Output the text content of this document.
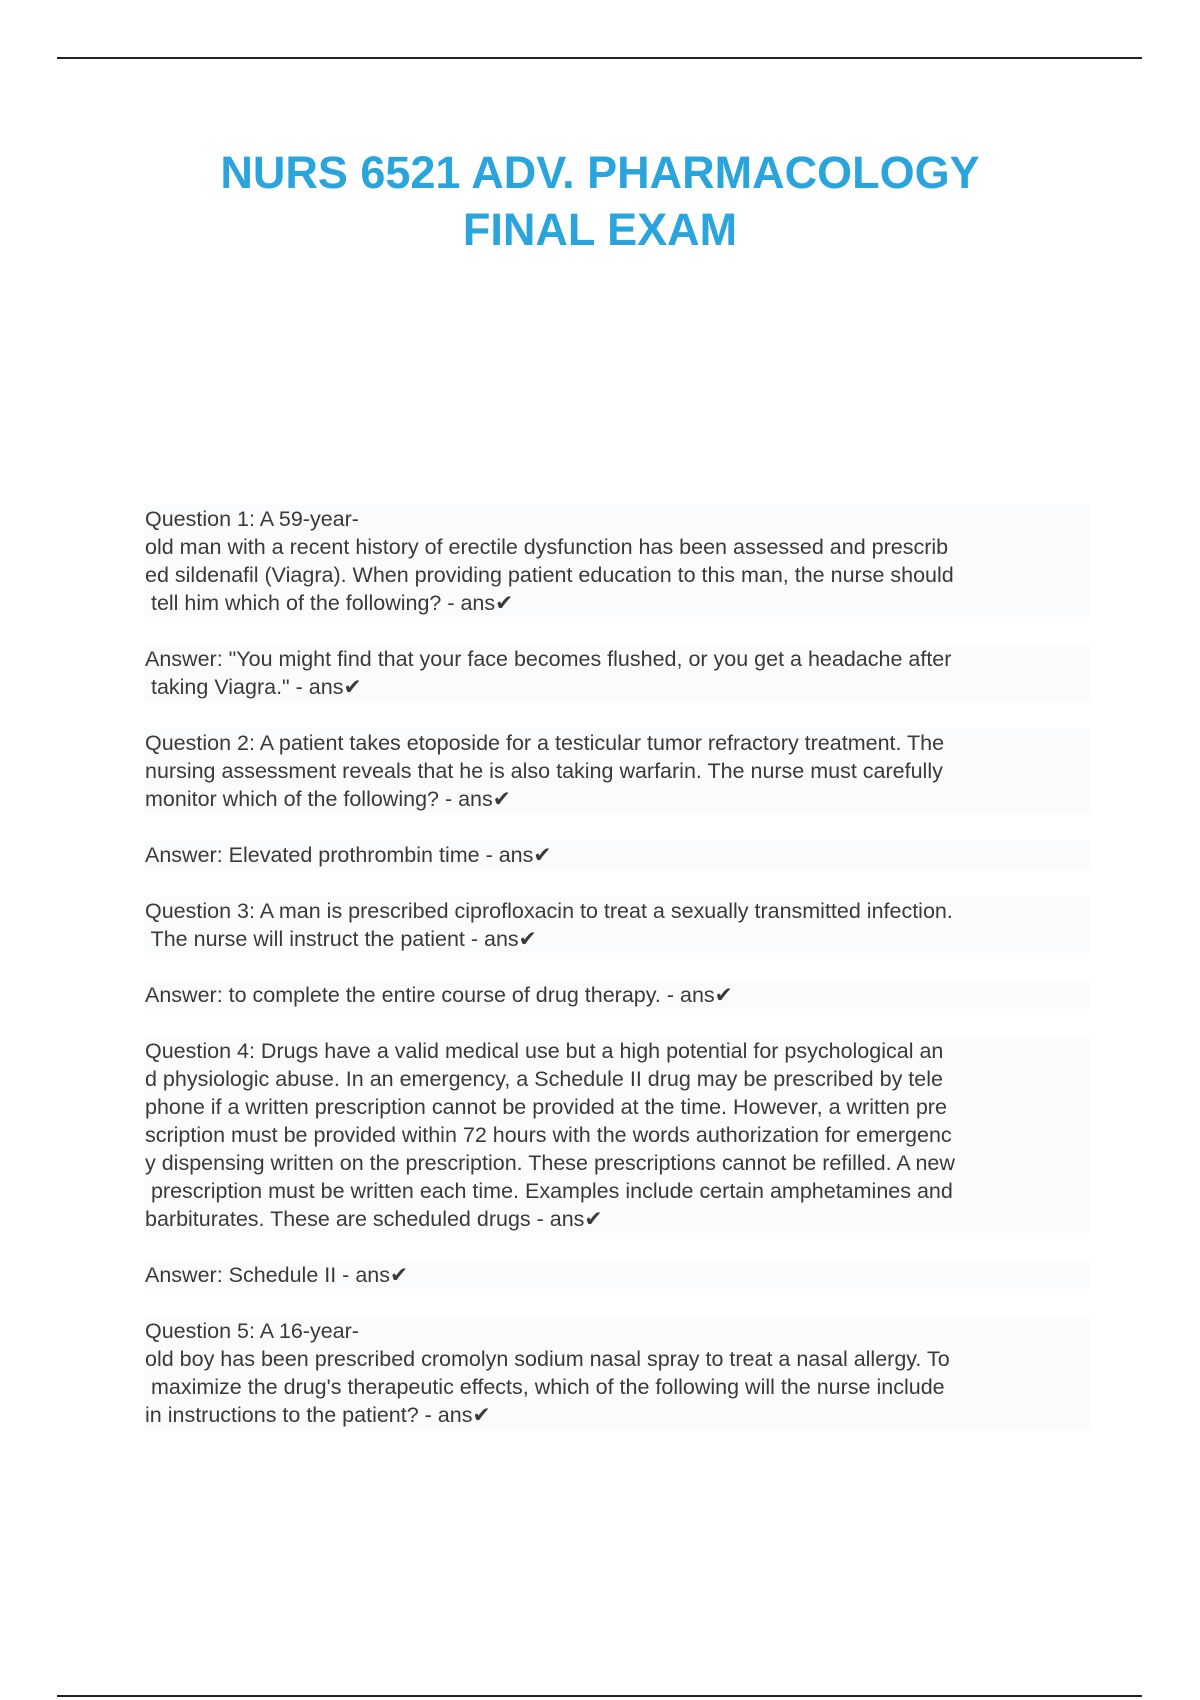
NURS 6521 ADV. PHARMACOLOGY
FINAL EXAM
Question 1: A 59-year-
old man with a recent history of erectile dysfunction has been assessed and prescrib
ed sildenafil (Viagra). When providing patient education to this man, the nurse should
tell him which of the following? - ans✔
Answer: "You might find that your face becomes flushed, or you get a headache after
taking Viagra." - ans✔
Question 2: A patient takes etoposide for a testicular tumor refractory treatment. The
nursing assessment reveals that he is also taking warfarin. The nurse must carefully
monitor which of the following? - ans✔
Answer: Elevated prothrombin time - ans✔
Question 3: A man is prescribed ciprofloxacin to treat a sexually transmitted infection.
The nurse will instruct the patient - ans✔
Answer: to complete the entire course of drug therapy. - ans✔
Question 4: Drugs have a valid medical use but a high potential for psychological an
d physiologic abuse. In an emergency, a Schedule II drug may be prescribed by tele
phone if a written prescription cannot be provided at the time. However, a written pre
scription must be provided within 72 hours with the words authorization for emergenc
y dispensing written on the prescription. These prescriptions cannot be refilled. A new
prescription must be written each time. Examples include certain amphetamines and
barbiturates. These are scheduled drugs - ans✔
Answer: Schedule II - ans✔
Question 5: A 16-year-
old boy has been prescribed cromolyn sodium nasal spray to treat a nasal allergy. To
maximize the drug's therapeutic effects, which of the following will the nurse include
in instructions to the patient? - ans✔
